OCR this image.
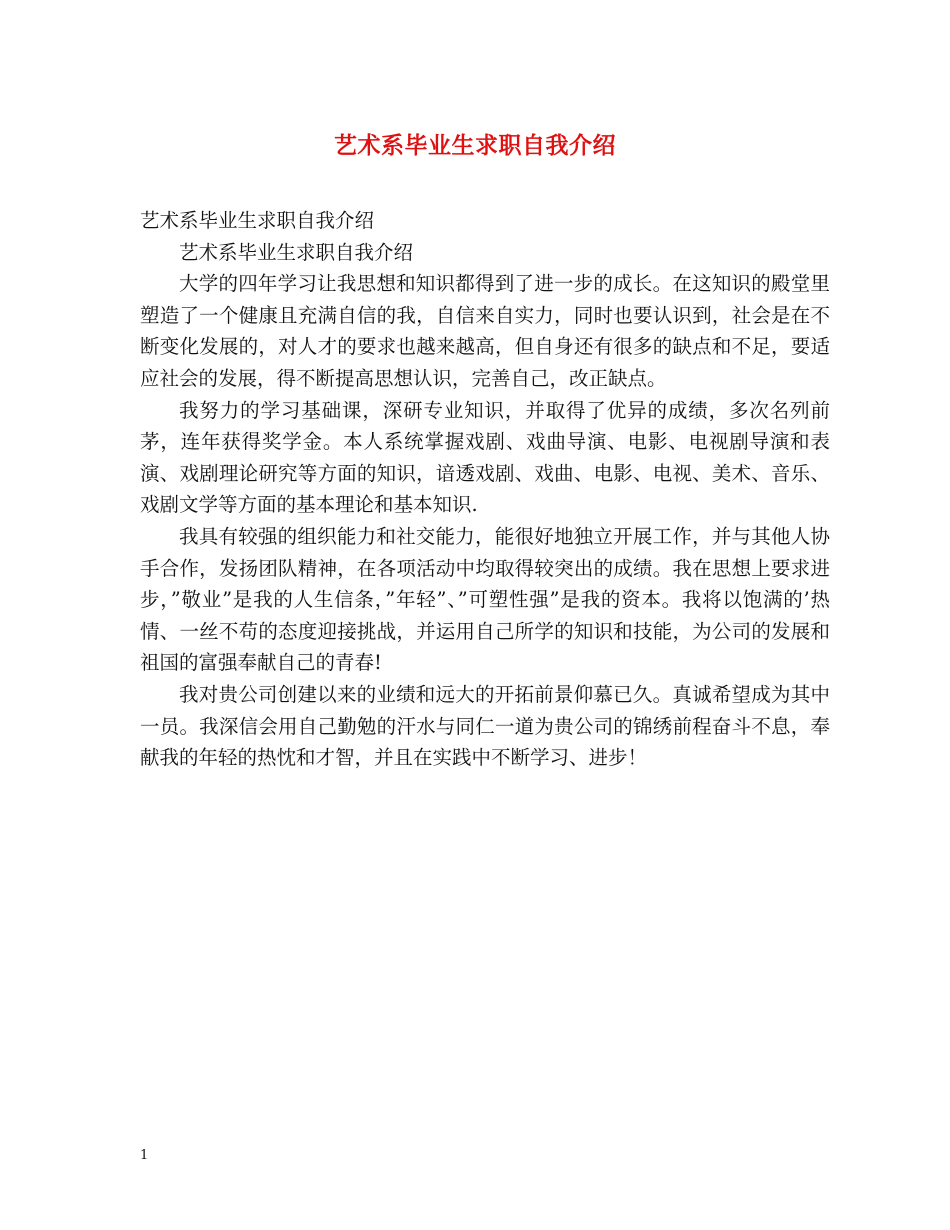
艺术系毕业生求职自我介绍

艺术系毕业生求职自我介绍

艺术系毕业生求职自我介绍

大学的四年学习让我思想和知识都得到了进一步的成长。在这知识的殿堂里塑造了一个健康且充满自信的我，自信来自实力，同时也要认识到，社会是在不断变化发展的，对人才的要求也越来越高，但自身还有很多的缺点和不足，要适应社会的发展，得不断提高思想认识，完善自己，改正缺点。

我努力的学习基础课，深研专业知识，并取得了优异的成绩，多次名列前茅，连年获得奖学金。本人系统掌握戏剧、戏曲导演、电影、电视剧导演和表演、戏剧理论研究等方面的知识，谙透戏剧、戏曲、电影、电视、美术、音乐、戏剧文学等方面的基本理论和基本知识.

我具有较强的组织能力和社交能力，能很好地独立开展工作，并与其他人协手合作，发扬团队精神，在各项活动中均取得较突出的成绩。我在思想上要求进步，”敬业”是我的人生信条，”年轻”、”可塑性强”是我的资本。我将以饱满的’热情、一丝不苟的态度迎接挑战，并运用自己所学的知识和技能，为公司的发展和祖国的富强奉献自己的青春!

我对贵公司创建以来的业绩和远大的开拓前景仰慕已久。真诚希望成为其中一员。我深信会用自己勤勉的汗水与同仁一道为贵公司的锦绣前程奋斗不息，奉献我的年轻的热忱和才智，并且在实践中不断学习、进步！

1
